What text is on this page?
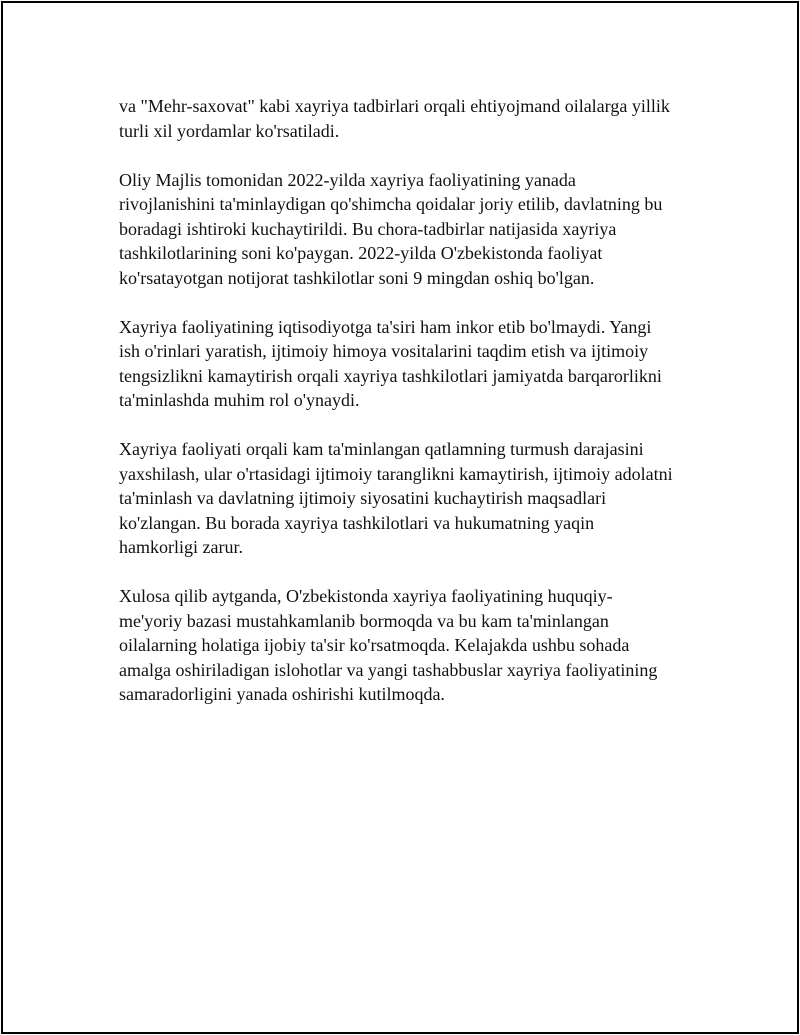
va "Mehr-saxovat" kabi xayriya tadbirlari orqali ehtiyojmand oilalarga yillik
turli xil yordamlar ko'rsatiladi.

Oliy Majlis tomonidan 2022-yilda xayriya faoliyatining yanada
rivojlanishini ta'minlaydigan qo'shimcha qoidalar joriy etilib, davlatning bu
boradagi ishtiroki kuchaytirildi. Bu chora-tadbirlar natijasida xayriya
tashkilotlarining soni ko'paygan. 2022-yilda O'zbekistonda faoliyat
ko'rsatayotgan notijorat tashkilotlar soni 9 mingdan oshiq bo'lgan.

Xayriya faoliyatining iqtisodiyotga ta'siri ham inkor etib bo'lmaydi. Yangi
ish o'rinlari yaratish, ijtimoiy himoya vositalarini taqdim etish va ijtimoiy
tengsizlikni kamaytirish orqali xayriya tashkilotlari jamiyatda barqarorlikni
ta'minlashda muhim rol o'ynaydi.

Xayriya faoliyati orqali kam ta'minlangan qatlamning turmush darajasini
yaxshilash, ular o'rtasidagi ijtimoiy taranglikni kamaytirish, ijtimoiy adolatni
ta'minlash va davlatning ijtimoiy siyosatini kuchaytirish maqsadlari
ko'zlangan. Bu borada xayriya tashkilotlari va hukumatning yaqin
hamkorligi zarur.

Xulosa qilib aytganda, O'zbekistonda xayriya faoliyatining huquqiy-
me'yoriy bazasi mustahkamlanib bormoqda va bu kam ta'minlangan
oilalarning holatiga ijobiy ta'sir ko'rsatmoqda. Kelajakda ushbu sohada
amalga oshiriladigan islohotlar va yangi tashabbuslar xayriya faoliyatining
samaradorligini yanada oshirishi kutilmoqda.
